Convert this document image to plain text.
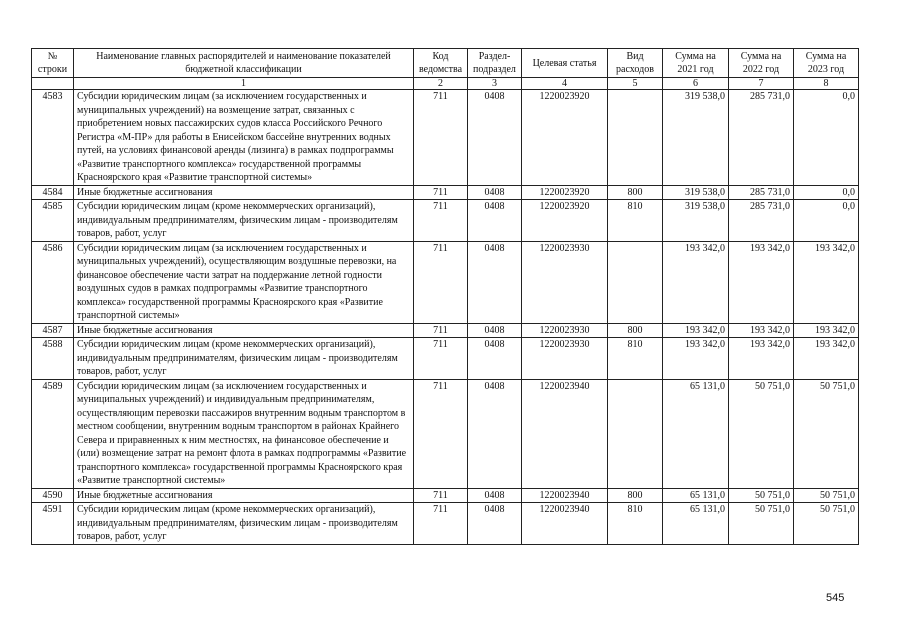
№ строки	Наименование главных распорядителей и наименование показателей бюджетной классификации	Код ведомства	Раздел-подраздел	Целевая статья	Вид расходов	Сумма на 2021 год	Сумма на 2022 год	Сумма на 2023 год
	1	2	3	4	5	6	7	8
4583	Субсидии юридическим лицам (за исключением государственных и муниципальных учреждений) на возмещение затрат, связанных с приобретением новых пассажирских судов класса Российского Речного Регистра «М-ПР» для работы в Енисейском бассейне внутренних водных путей, на условиях финансовой аренды (лизинга) в рамках подпрограммы «Развитие транспортного комплекса» государственной программы Красноярского края «Развитие транспортной системы»	711	0408	1220023920		319 538,0	285 731,0	0,0
4584	Иные бюджетные ассигнования	711	0408	1220023920	800	319 538,0	285 731,0	0,0
4585	Субсидии юридическим лицам (кроме некоммерческих организаций), индивидуальным предпринимателям, физическим лицам - производителям товаров, работ, услуг	711	0408	1220023920	810	319 538,0	285 731,0	0,0
4586	Субсидии юридическим лицам (за исключением государственных и муниципальных учреждений), осуществляющим воздушные перевозки, на финансовое обеспечение части затрат на поддержание летной годности воздушных судов в рамках подпрограммы «Развитие транспортного комплекса» государственной программы Красноярского края «Развитие транспортной системы»	711	0408	1220023930		193 342,0	193 342,0	193 342,0
4587	Иные бюджетные ассигнования	711	0408	1220023930	800	193 342,0	193 342,0	193 342,0
4588	Субсидии юридическим лицам (кроме некоммерческих организаций), индивидуальным предпринимателям, физическим лицам - производителям товаров, работ, услуг	711	0408	1220023930	810	193 342,0	193 342,0	193 342,0
4589	Субсидии юридическим лицам (за исключением государственных и муниципальных учреждений) и индивидуальным предпринимателям, осуществляющим перевозки пассажиров внутренним водным транспортом в местном сообщении, внутренним водным транспортом в районах Крайнего Севера и приравненных к ним местностях, на финансовое обеспечение и (или) возмещение затрат на ремонт флота в рамках подпрограммы «Развитие транспортного комплекса» государственной программы Красноярского края «Развитие транспортной системы»	711	0408	1220023940		65 131,0	50 751,0	50 751,0
4590	Иные бюджетные ассигнования	711	0408	1220023940	800	65 131,0	50 751,0	50 751,0
4591	Субсидии юридическим лицам (кроме некоммерческих организаций), индивидуальным предпринимателям, физическим лицам - производителям товаров, работ, услуг	711	0408	1220023940	810	65 131,0	50 751,0	50 751,0
545
